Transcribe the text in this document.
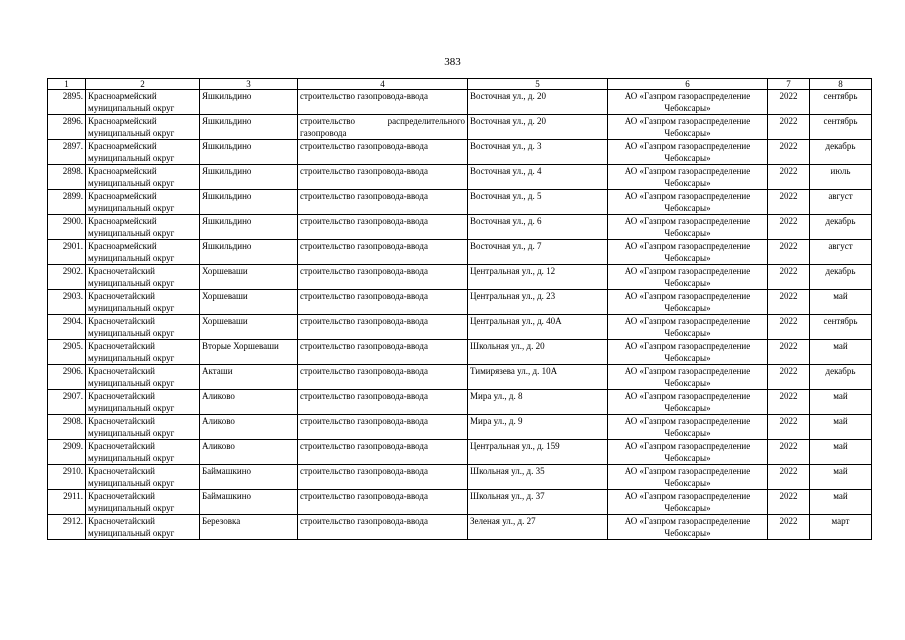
383
1	2	3	4	5	6	7	8
2895.	Красноармейский муниципальный округ	Яшкильдино	строительство газопровода-ввода	Восточная ул., д. 20	АО «Газпром газораспределение Чебоксары»	2022	сентябрь
2896.	Красноармейский муниципальный округ	Яшкильдино	строительство распределительного газопровода	Восточная ул., д. 20	АО «Газпром газораспределение Чебоксары»	2022	сентябрь
2897.	Красноармейский муниципальный округ	Яшкильдино	строительство газопровода-ввода	Восточная ул., д. 3	АО «Газпром газораспределение Чебоксары»	2022	декабрь
2898.	Красноармейский муниципальный округ	Яшкильдино	строительство газопровода-ввода	Восточная ул., д. 4	АО «Газпром газораспределение Чебоксары»	2022	июль
2899.	Красноармейский муниципальный округ	Яшкильдино	строительство газопровода-ввода	Восточная ул., д. 5	АО «Газпром газораспределение Чебоксары»	2022	август
2900.	Красноармейский муниципальный округ	Яшкильдино	строительство газопровода-ввода	Восточная ул., д. 6	АО «Газпром газораспределение Чебоксары»	2022	декабрь
2901.	Красноармейский муниципальный округ	Яшкильдино	строительство газопровода-ввода	Восточная ул., д. 7	АО «Газпром газораспределение Чебоксары»	2022	август
2902.	Красночетайский муниципальный округ	Хоршеваши	строительство газопровода-ввода	Центральная ул., д. 12	АО «Газпром газораспределение Чебоксары»	2022	декабрь
2903.	Красночетайский муниципальный округ	Хоршеваши	строительство газопровода-ввода	Центральная ул., д. 23	АО «Газпром газораспределение Чебоксары»	2022	май
2904.	Красночетайский муниципальный округ	Хоршеваши	строительство газопровода-ввода	Центральная ул., д. 40А	АО «Газпром газораспределение Чебоксары»	2022	сентябрь
2905.	Красночетайский муниципальный округ	Вторые Хоршеваши	строительство газопровода-ввода	Школьная ул., д. 20	АО «Газпром газораспределение Чебоксары»	2022	май
2906.	Красночетайский муниципальный округ	Акташи	строительство газопровода-ввода	Тимирязева ул., д. 10А	АО «Газпром газораспределение Чебоксары»	2022	декабрь
2907.	Красночетайский муниципальный округ	Аликово	строительство газопровода-ввода	Мира ул., д. 8	АО «Газпром газораспределение Чебоксары»	2022	май
2908.	Красночетайский муниципальный округ	Аликово	строительство газопровода-ввода	Мира ул., д. 9	АО «Газпром газораспределение Чебоксары»	2022	май
2909.	Красночетайский муниципальный округ	Аликово	строительство газопровода-ввода	Центральная ул., д. 159	АО «Газпром газораспределение Чебоксары»	2022	май
2910.	Красночетайский муниципальный округ	Баймашкино	строительство газопровода-ввода	Школьная ул., д. 35	АО «Газпром газораспределение Чебоксары»	2022	май
2911.	Красночетайский муниципальный округ	Баймашкино	строительство газопровода-ввода	Школьная ул., д. 37	АО «Газпром газораспределение Чебоксары»	2022	май
2912.	Красночетайский муниципальный округ	Березовка	строительство газопровода-ввода	Зеленая ул., д. 27	АО «Газпром газораспределение Чебоксары»	2022	март
